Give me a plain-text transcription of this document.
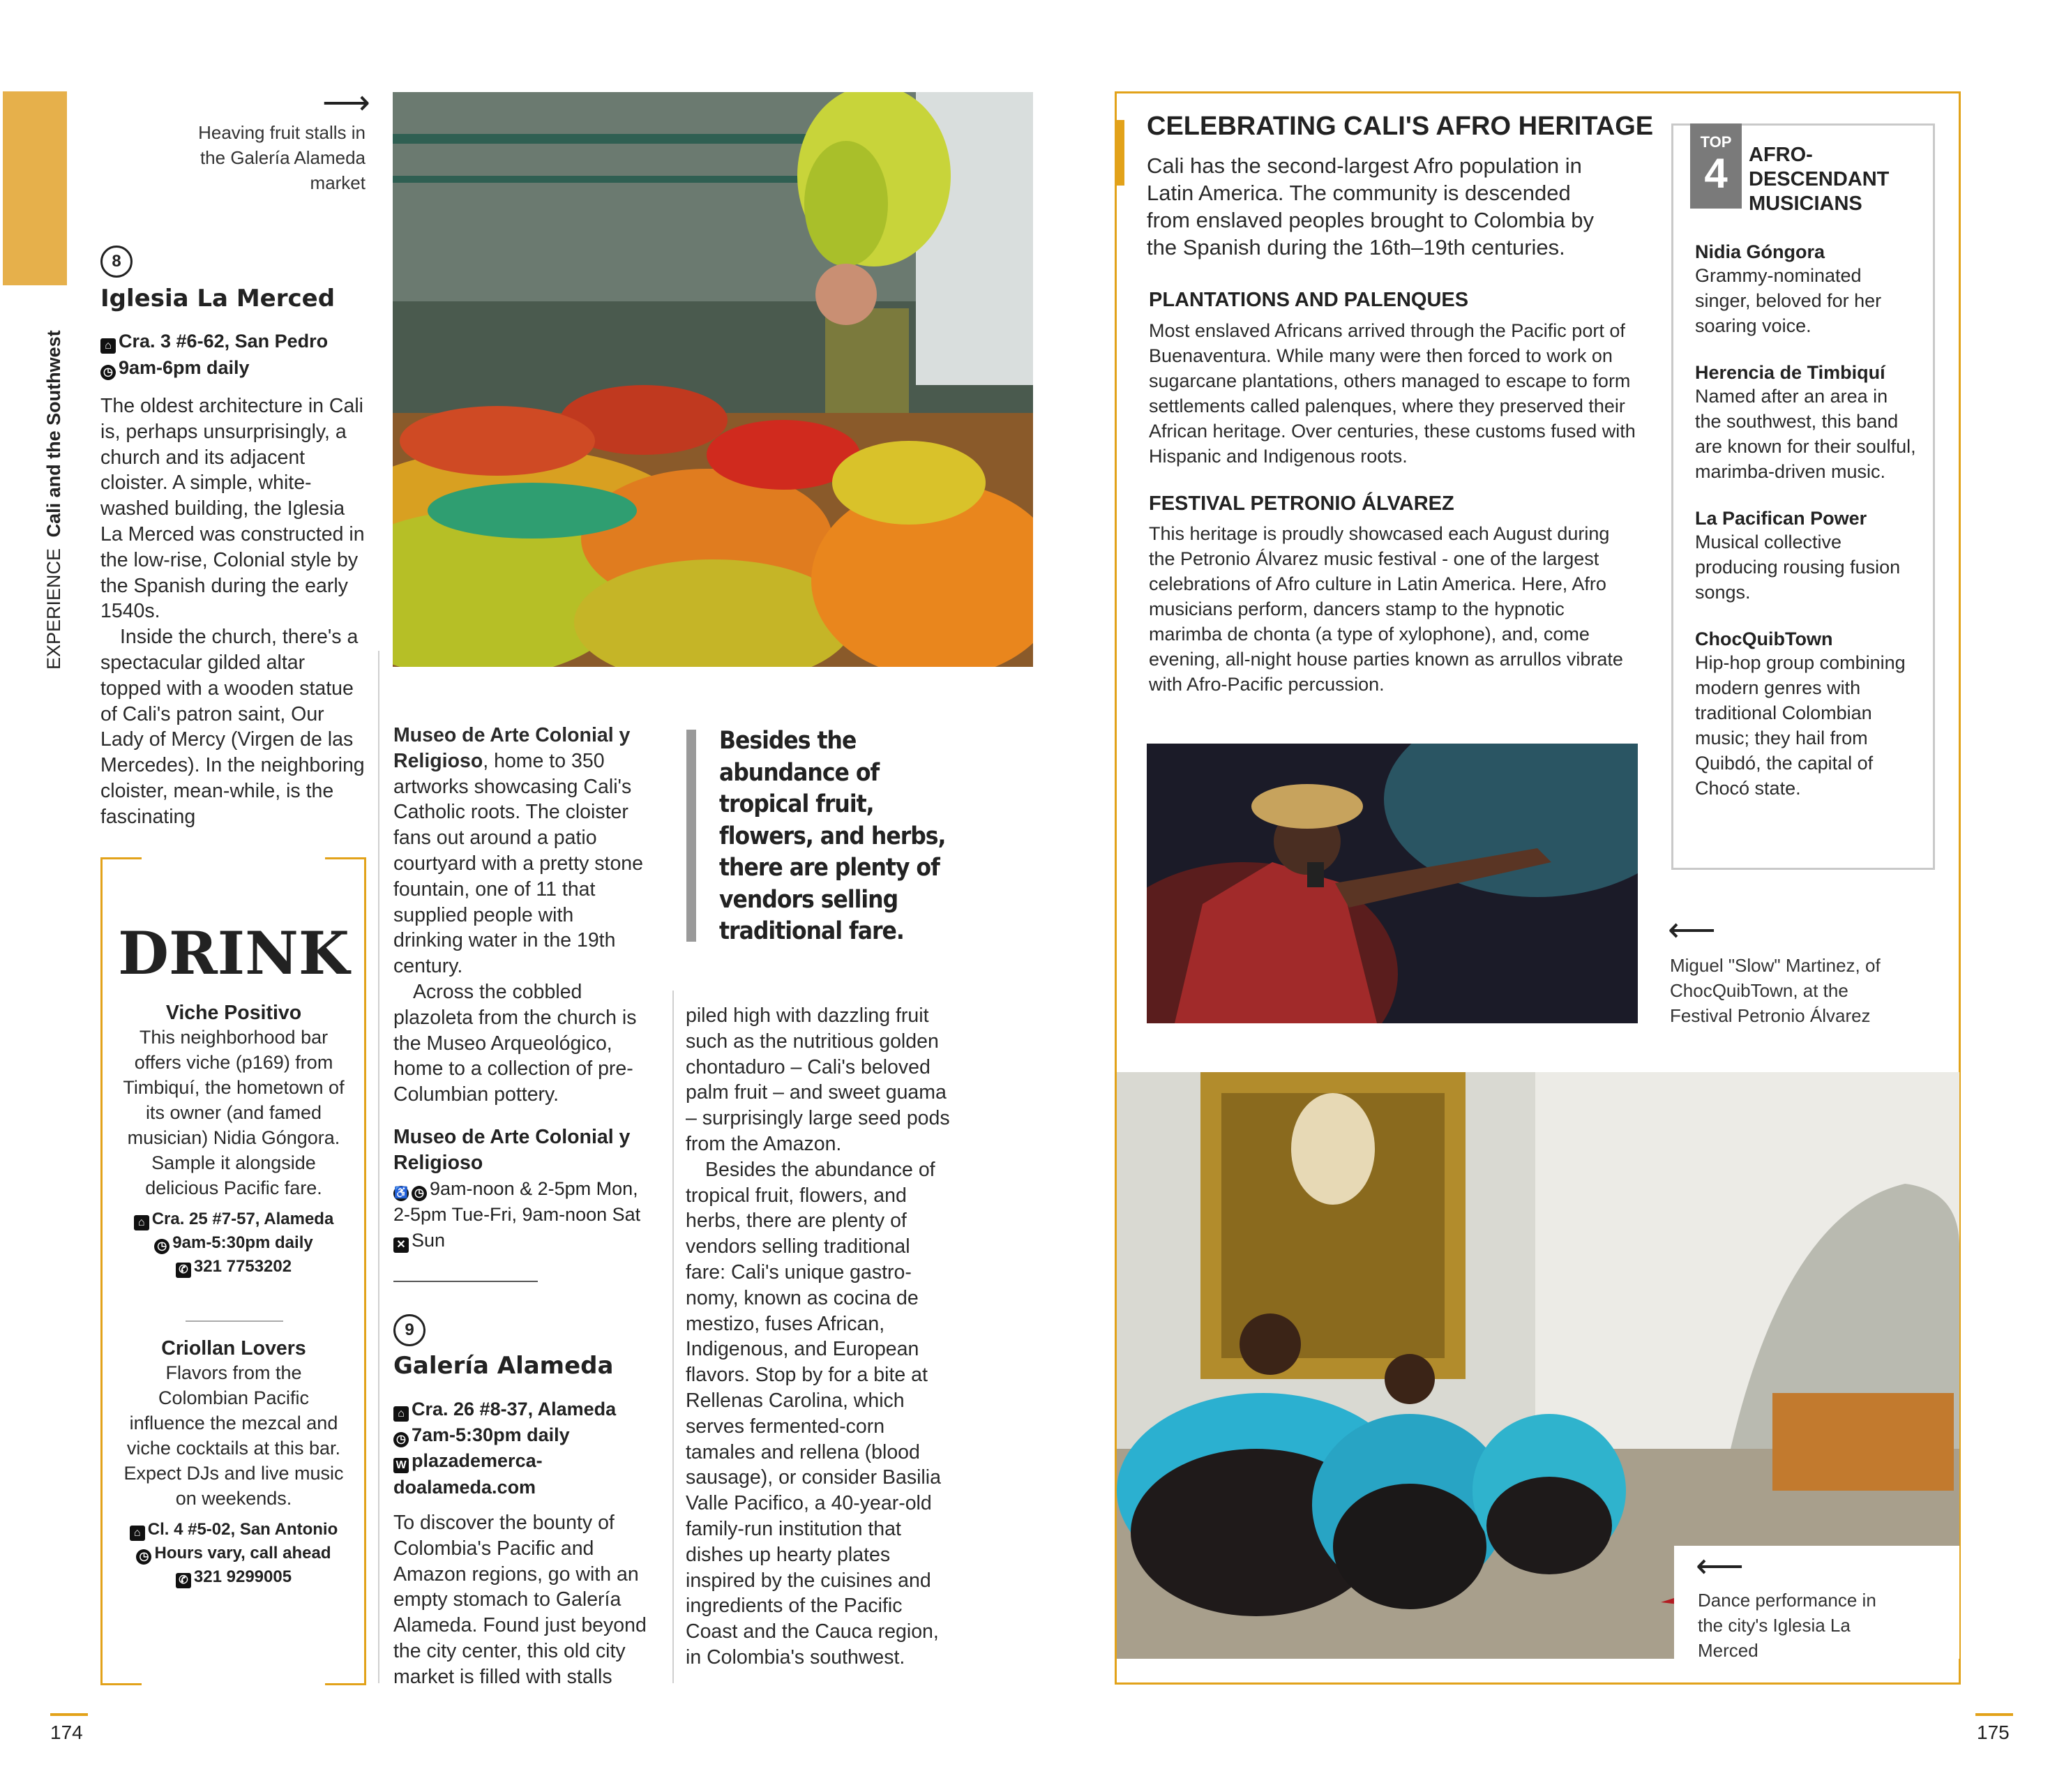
EXPERIENCE Cali and the Southwest
⟶
Heaving fruit stalls in the Galería Alameda market
8
Iglesia La Merced
⌂ Cra. 3 #6-62, San Pedro
◷ 9am-6pm daily

The oldest architecture in Cali is, perhaps unsurprisingly, a church and its adjacent cloister. A simple, white-washed building, the Iglesia La Merced was constructed in the low-rise, Colonial style by the Spanish during the early 1540s.

Inside the church, there's a spectacular gilded altar topped with a wooden statue of Cali's patron saint, Our Lady of Mercy (Virgen de las Mercedes). In the neighboring cloister, mean-while, is the fascinating

DRINK
Viche Positivo
This neighborhood bar offers viche (p169) from Timbiquí, the hometown of its owner (and famed musician) Nidia Góngora. Sample it alongside delicious Pacific fare.
⌂ Cra. 25 #7-57, Alameda
◷ 9am-5:30pm daily
✆ 321 7753202
Criollan Lovers
Flavors from the Colombian Pacific influence the mezcal and viche cocktails at this bar. Expect DJs and live music on weekends.
⌂ Cl. 4 #5-02, San Antonio
◷ Hours vary, call ahead
✆ 321 9299005

Museo de Arte Colonial y Religioso, home to 350 artworks showcasing Cali's Catholic roots. The cloister fans out around a patio courtyard with a pretty stone fountain, one of 11 that supplied people with drinking water in the 19th century.

Across the cobbled plazoleta from the church is the Museo Arqueológico, home to a collection of pre-Columbian pottery.

Museo de Arte Colonial y Religioso
♿ ◷ 9am-noon & 2-5pm Mon, 2-5pm Tue-Fri, 9am-noon Sat ✕ Sun
9
Galería Alameda
⌂ Cra. 26 #8-37, Alameda
◷ 7am-5:30pm daily
W plazademerca-doalameda.com
To discover the bounty of Colombia's Pacific and Amazon regions, go with an empty stomach to Galería Alameda. Found just beyond the city center, this old city market is filled with stalls
Besides the abundance of tropical fruit, flowers, and herbs, there are plenty of vendors selling traditional fare.

piled high with dazzling fruit such as the nutritious golden chontaduro – Cali's beloved palm fruit – and sweet guama – surprisingly large seed pods from the Amazon.

Besides the abundance of tropical fruit, flowers, and herbs, there are plenty of vendors selling traditional fare: Cali's unique gastro-nomy, known as cocina de mestizo, fuses African, Indigenous, and European flavors. Stop by for a bite at Rellenas Carolina, which serves fermented-corn tamales and rellena (blood sausage), or consider Basilia Valle Pacifico, a 40-year-old family-run institution that dishes up hearty plates inspired by the cuisines and ingredients of the Pacific Coast and the Cauca region, in Colombia's southwest.

174
CELEBRATING CALI'S AFRO HERITAGE
Cali has the second-largest Afro population in Latin America. The community is descended from enslaved peoples brought to Colombia by the Spanish during the 16th–19th centuries.
PLANTATIONS AND PALENQUES
Most enslaved Africans arrived through the Pacific port of Buenaventura. While many were then forced to work on sugarcane plantations, others managed to escape to form settlements called palenques, where they preserved their African heritage. Over centuries, these customs fused with Hispanic and Indigenous roots.
FESTIVAL PETRONIO ÁLVAREZ
This heritage is proudly showcased each August during the Petronio Álvarez music festival - one of the largest celebrations of Afro culture in Latin America. Here, Afro musicians perform, dancers stamp to the hypnotic marimba de chonta (a type of xylophone), and, come evening, all-night house parties known as arrullos vibrate with Afro-Pacific percussion.
TOP
4	AFRO-DESCENDANT MUSICIANS
Nidia Góngora
Grammy-nominated singer, beloved for her soaring voice.
Herencia de Timbiquí
Named after an area in the southwest, this band are known for their soulful, marimba-driven music.
La Pacifican Power
Musical collective producing rousing fusion songs.
ChocQuibTown
Hip-hop group combining modern genres with traditional Colombian music; they hail from Quibdó, the capital of Chocó state.
⟵
Miguel "Slow" Martinez, of ChocQuibTown, at the Festival Petronio Álvarez
⟵
Dance performance in the city's Iglesia La Merced
175
